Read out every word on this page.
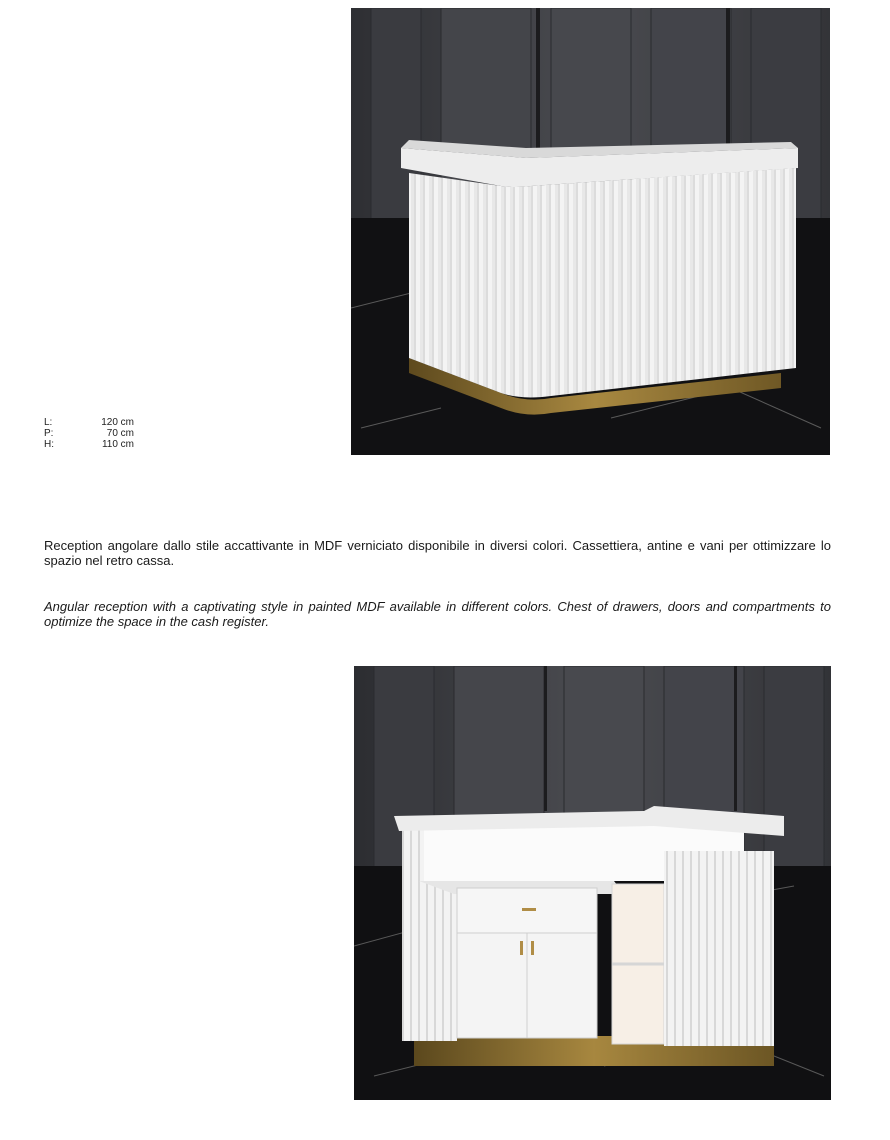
L:	120 cm
P:	70 cm
H:	110 cm

Reception angolare dallo stile accattivante in MDF verniciato disponibile in diversi colori. Cassettiera, antine e vani per ottimizzare lo spazio nel retro cassa.

Angular reception with a captivating style in painted MDF available in different colors. Chest of drawers, doors and compartments to optimize the space in the cash register.
